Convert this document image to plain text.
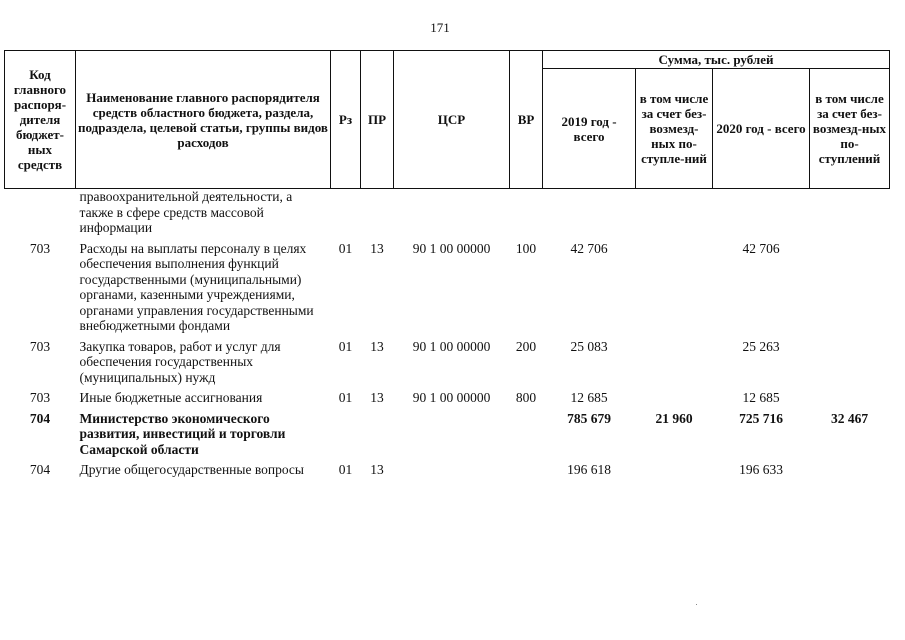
171
Код главного распоря-дителя бюджет-ных средств	Наименование главного распорядителя средств областного бюджета, раздела, подраздела, целевой статьи, группы видов расходов	Рз	ПР	ЦСР	ВР	Сумма, тыс. рублей			
						2019 год - всего	в том числе за счет без-возмезд-ных по-ступле-ний	2020 год - всего	в том числе за счет без-возмезд-ных по-ступлений
	правоохранительной деятельности, а также в сфере средств массовой информации								
703	Расходы на выплаты персоналу в целях обеспечения выполнения функций государственными (муниципальными) органами, казенными учреждениями, органами управления государственными внебюджетными фондами	01	13	90 1 00 00000	100	42 706		42 706	
703	Закупка товаров, работ и услуг для обеспечения государственных (муниципальных) нужд	01	13	90 1 00 00000	200	25 083		25 263	
703	Иные бюджетные ассигнования	01	13	90 1 00 00000	800	12 685		12 685	
704	Министерство экономического развития, инвестиций и торговли Самарской области					785 679	21 960	725 716	32 467
704	Другие общегосударственные вопросы	01	13			196 618		196 633	
